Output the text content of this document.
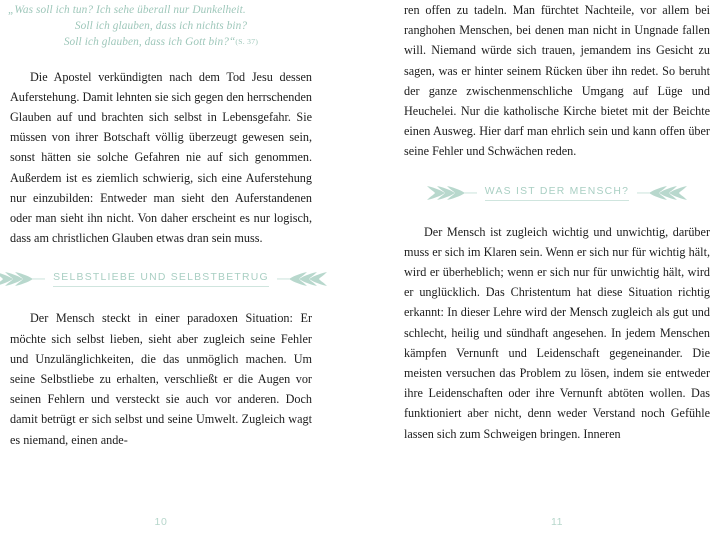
„Was soll ich tun? Ich sehe überall nur Dunkelheit.
Soll ich glauben, dass ich nichts bin?
Soll ich glauben, dass ich Gott bin?“(S. 37)

Die Apostel verkündigten nach dem Tod Jesu dessen Auferstehung. Damit lehnten sie sich gegen den herrschenden Glauben auf und brachten sich selbst in Lebensgefahr. Sie müssen von ihrer Botschaft völlig überzeugt gewesen sein, sonst hätten sie solche Gefahren nie auf sich genommen. Außerdem ist es ziemlich schwierig, sich eine Auferstehung nur einzubilden: Entweder man sieht den Auferstandenen oder man sieht ihn nicht. Von daher erscheint es nur logisch, dass am christlichen Glauben etwas dran sein muss.

SELBSTLIEBE UND SELBSTBETRUG

Der Mensch steckt in einer paradoxen Situation: Er möchte sich selbst lieben, sieht aber zugleich seine Fehler und Unzulänglichkeiten, die das unmöglich machen. Um seine Selbstliebe zu erhalten, verschließt er die Augen vor seinen Fehlern und versteckt sie auch vor anderen. Doch damit betrügt er sich selbst und seine Umwelt. Zugleich wagt es niemand, einen ande-

10

ren offen zu tadeln. Man fürchtet Nachteile, vor allem bei ranghohen Menschen, bei denen man nicht in Ungnade fallen will. Niemand würde sich trauen, jemandem ins Gesicht zu sagen, was er hinter seinem Rücken über ihn redet. So beruht der ganze zwischenmenschliche Umgang auf Lüge und Heuchelei. Nur die katholische Kirche bietet mit der Beichte einen Ausweg. Hier darf man ehrlich sein und kann offen über seine Fehler und Schwächen reden.

WAS IST DER MENSCH?

Der Mensch ist zugleich wichtig und unwichtig, darüber muss er sich im Klaren sein. Wenn er sich nur für wichtig hält, wird er überheblich; wenn er sich nur für unwichtig hält, wird er unglücklich. Das Christentum hat diese Situation richtig erkannt: In dieser Lehre wird der Mensch zugleich als gut und schlecht, heilig und sündhaft angesehen. In jedem Menschen kämpfen Vernunft und Leidenschaft gegeneinander. Die meisten versuchen das Problem zu lösen, indem sie entweder ihre Leidenschaften oder ihre Vernunft abtöten wollen. Das funktioniert aber nicht, denn weder Verstand noch Gefühle lassen sich zum Schweigen bringen. Inneren

11
